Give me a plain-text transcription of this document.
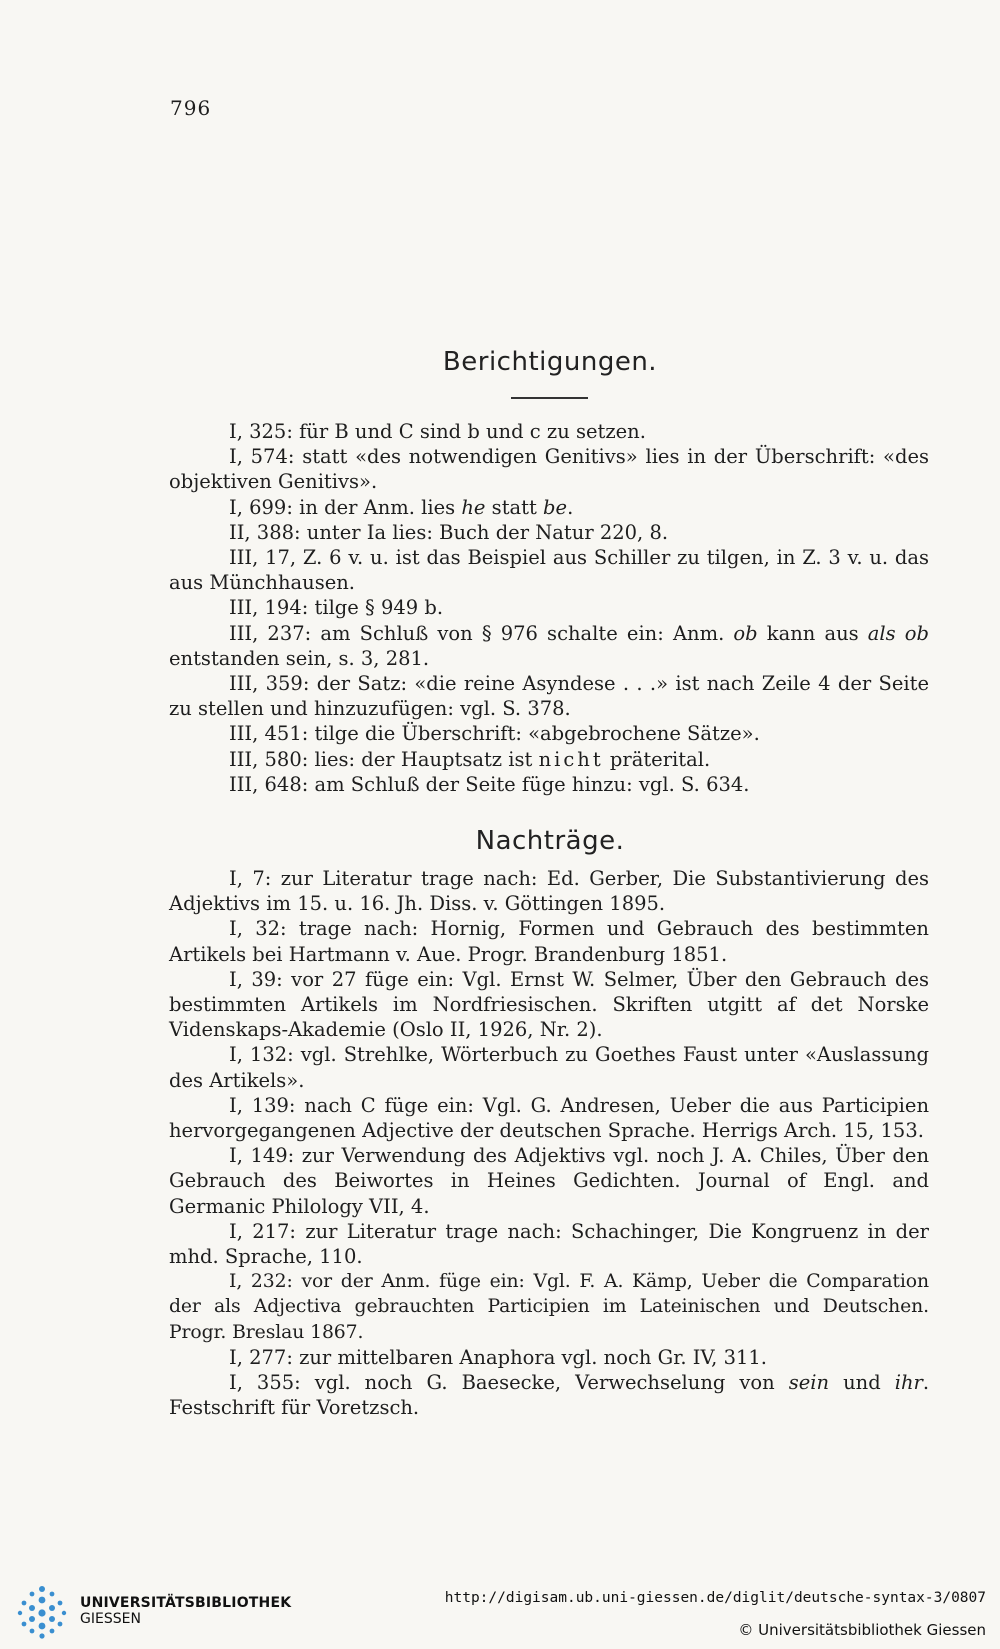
796
Berichtigungen.

I, 325: für B und C sind b und c zu setzen.

I, 574: statt «des notwendigen Genitivs» lies in der Überschrift: «des objektiven Genitivs».

I, 699: in der Anm. lies he statt be.

II, 388: unter Ia lies: Buch der Natur 220, 8.

III, 17, Z. 6 v. u. ist das Beispiel aus Schiller zu tilgen, in Z. 3 v. u. das aus Münchhausen.

III, 194: tilge § 949 b.

III, 237: am Schluß von § 976 schalte ein: Anm. ob kann aus als ob entstanden sein, s. 3, 281.

III, 359: der Satz: «die reine Asyndese . . .» ist nach Zeile 4 der Seite zu stellen und hinzuzufügen: vgl. S. 378.

III, 451: tilge die Überschrift: «abgebrochene Sätze».

III, 580: lies: der Hauptsatz ist nicht präterital.

III, 648: am Schluß der Seite füge hinzu: vgl. S. 634.

Nachträge.

I, 7: zur Literatur trage nach: Ed. Gerber, Die Substantivierung des Adjektivs im 15. u. 16. Jh. Diss. v. Göttingen 1895.

I, 32: trage nach: Hornig, Formen und Gebrauch des bestimmten Artikels bei Hartmann v. Aue. Progr. Brandenburg 1851.

I, 39: vor 27 füge ein: Vgl. Ernst W. Selmer, Über den Gebrauch des bestimmten Artikels im Nordfriesischen. Skriften utgitt af det Norske Videnskaps-Akademie (Oslo II, 1926, Nr. 2).

I, 132: vgl. Strehlke, Wörterbuch zu Goethes Faust unter «Auslassung des Artikels».

I, 139: nach C füge ein: Vgl. G. Andresen, Ueber die aus Participien hervorgegangenen Adjective der deutschen Sprache. Herrigs Arch. 15, 153.

I, 149: zur Verwendung des Adjektivs vgl. noch J. A. Chiles, Über den Gebrauch des Beiwortes in Heines Gedichten. Journal of Engl. and Germanic Philology VII, 4.

I, 217: zur Literatur trage nach: Schachinger, Die Kongruenz in der mhd. Sprache, 110.

I, 232: vor der Anm. füge ein: Vgl. F. A. Kämp, Ueber die Comparation der als Adjectiva gebrauchten Participien im Lateinischen und Deutschen. Progr. Breslau 1867.

I, 277: zur mittelbaren Anaphora vgl. noch Gr. IV, 311.

I, 355: vgl. noch G. Baesecke, Verwechselung von sein und ihr. Festschrift für Voretzsch.

UNIVERSITÄTSBIBLIOTHEK
GIESSEN
http://digisam.ub.uni-giessen.de/diglit/deutsche-syntax-3/0807
© Universitätsbibliothek Giessen
